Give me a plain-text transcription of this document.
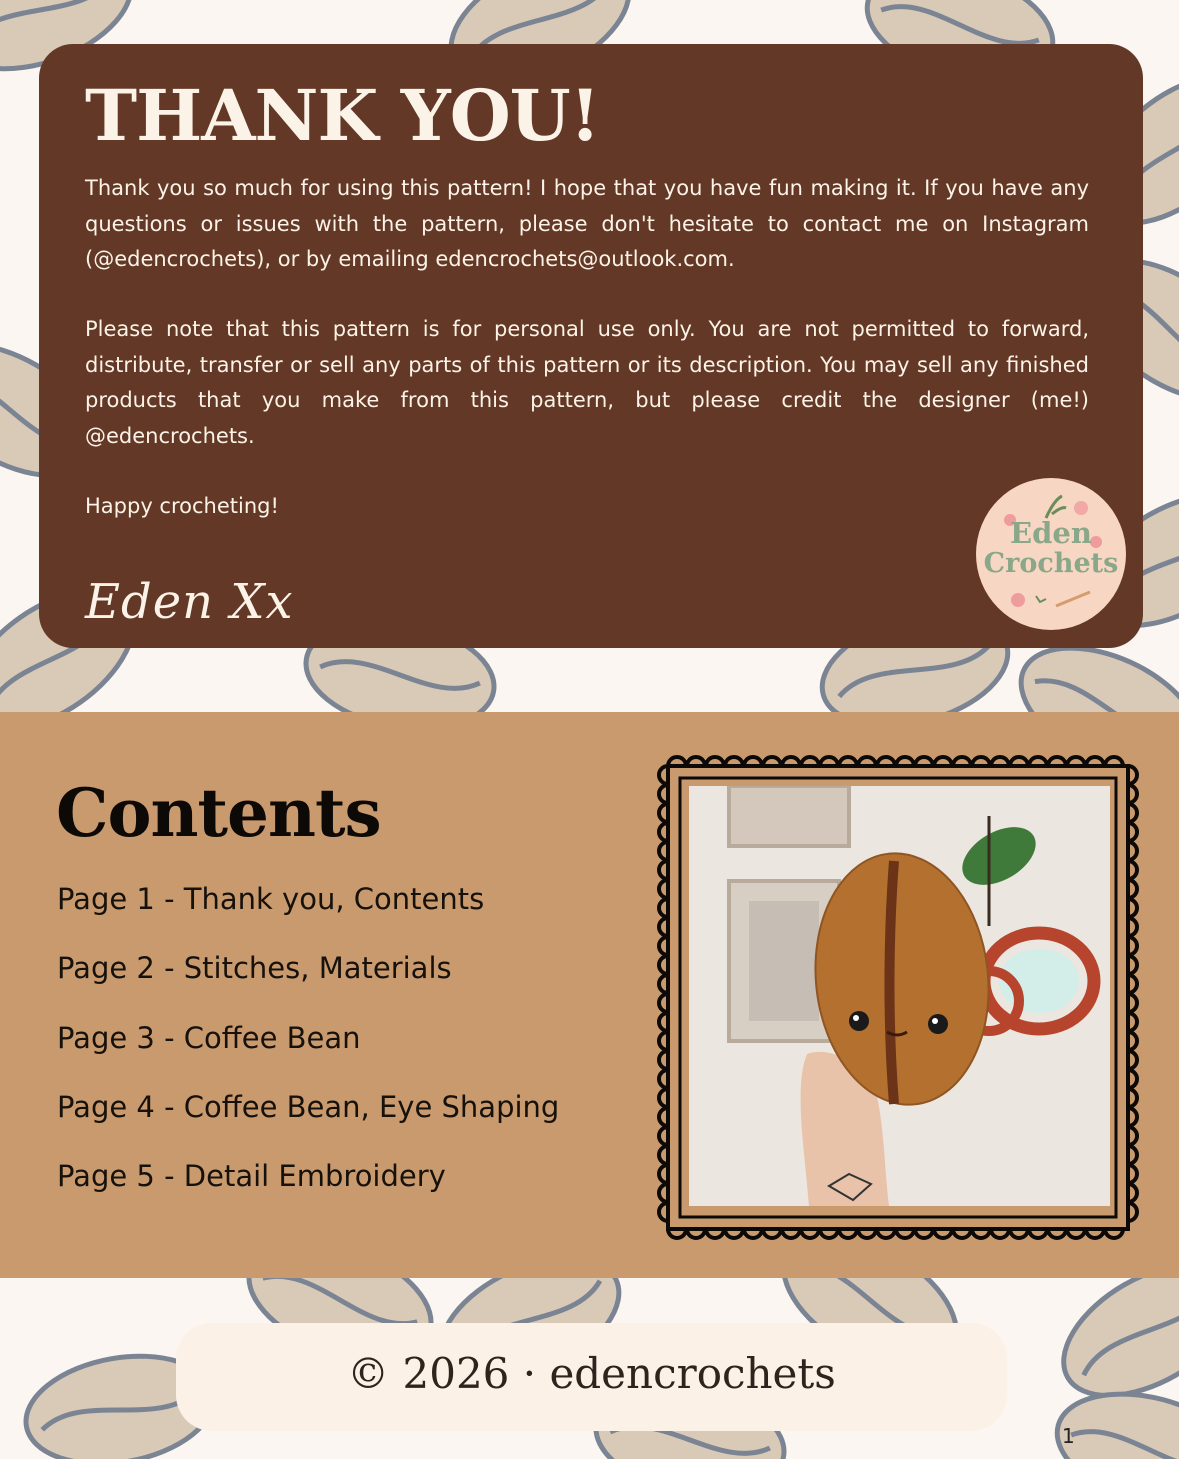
THANK YOU!

Thank you so much for using this pattern! I hope that you have fun making it. If you have any questions or issues with the pattern, please don't hesitate to contact me on Instagram (@edencrochets), or by emailing edencrochets@outlook.com.

Please note that this pattern is for personal use only. You are not permitted to forward, distribute, transfer or sell any parts of this pattern or its description. You may sell any finished products that you make from this pattern, but please credit the designer (me!) @edencrochets.

Happy crocheting!

Eden Xx

Eden
Crochets
Contents
Page 1 - Thank you, Contents
Page 2 - Stitches, Materials
Page 3 - Coffee Bean
Page 4 - Coffee Bean, Eye Shaping
Page 5 - Detail Embroidery
© 2026 · edencrochets
1
